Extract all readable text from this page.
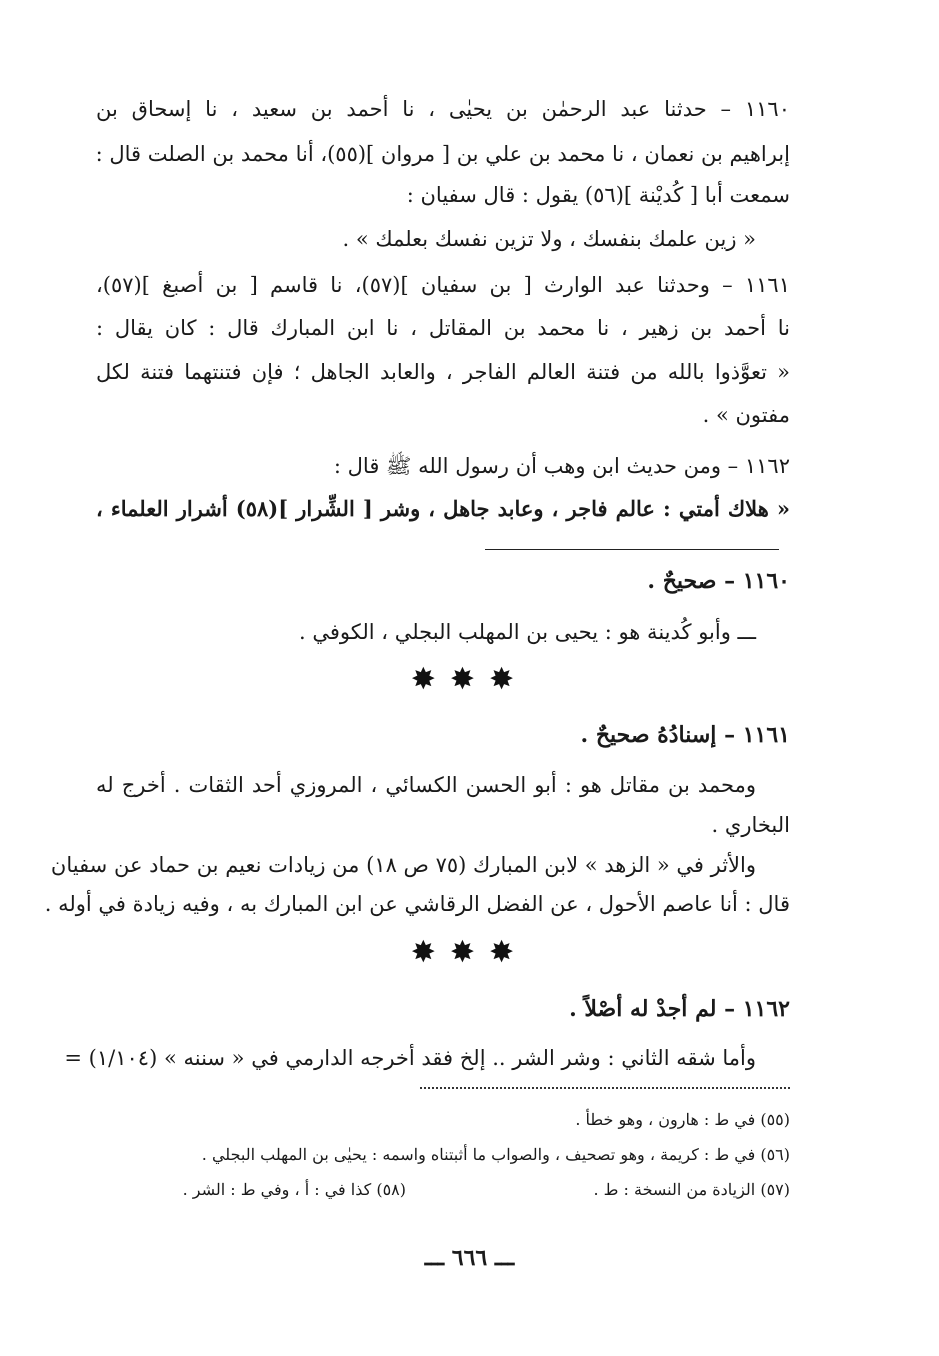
١١٦٠ – حدثنا عبد الرحمٰن بن يحيٰى ، نا أحمد بن سعيد ، نا إسحاق بن
إبراهيم بن نعمان ، نا محمد بن علي بن [ مروان ](٥٥)، أنا محمد بن الصلت قال :
سمعت أبا [ كُديْنة ](٥٦) يقول : قال سفيان :
« زين علمك بنفسك ، ولا تزين نفسك بعلمك » .
١١٦١ – وحدثنا عبد الوارث [ بن سفيان ](٥٧)، نا قاسم [ بن أصبغ ](٥٧)،
نا أحمد بن زهير ، نا محمد بن المقاتل ، نا ابن المبارك قال : كان يقال :
« تعوَّذوا بالله من فتنة العالم الفاجر ، والعابد الجاهل ؛ فإن فتنتهما فتنة لكل
مفتون » .
١١٦٢ – ومن حديث ابن وهب أن رسول الله ﷺ قال :
« هلاك أمتي : عالم فاجر ، وعابد جاهل ، وشر [ الشِّرار ](٥٨) أشرار العلماء ،
١١٦٠ – صحيحٌ .
ـــ وأبو كُدينة هو : يحيى بن المهلب البجلي ، الكوفي .
✸✸✸
١١٦١ – إسنادُهُ صحيحٌ .
ومحمد بن مقاتل هو : أبو الحسن الكسائي ، المروزي أحد الثقات . أخرج له
البخاري .
والأثر في « الزهد » لابن المبارك (٧٥ ص ١٨) من زيادات نعيم بن حماد عن سفيان
قال : أنا عاصم الأحول ، عن الفضل الرقاشي عن ابن المبارك به ، وفيه زيادة في أوله .
✸✸✸
١١٦٢ – لم أجدْ له أصْلاً .
وأما شقه الثاني : وشر الشر .. إلخ فقد أخرجه الدارمي في « سننه » (١/١٠٤) =
(٥٥) في ط : هارون ، وهو خطأ .
(٥٦) في ط : كريمة ، وهو تصحيف ، والصواب ما أثبتناه واسمه : يحيٰى بن المهلب البجلي .
(٥٧) الزيادة من النسخة : ط .
(٥٨) كذا في : أ ، وفي ط : الشر .
ـــ ٦٦٦ ـــ
